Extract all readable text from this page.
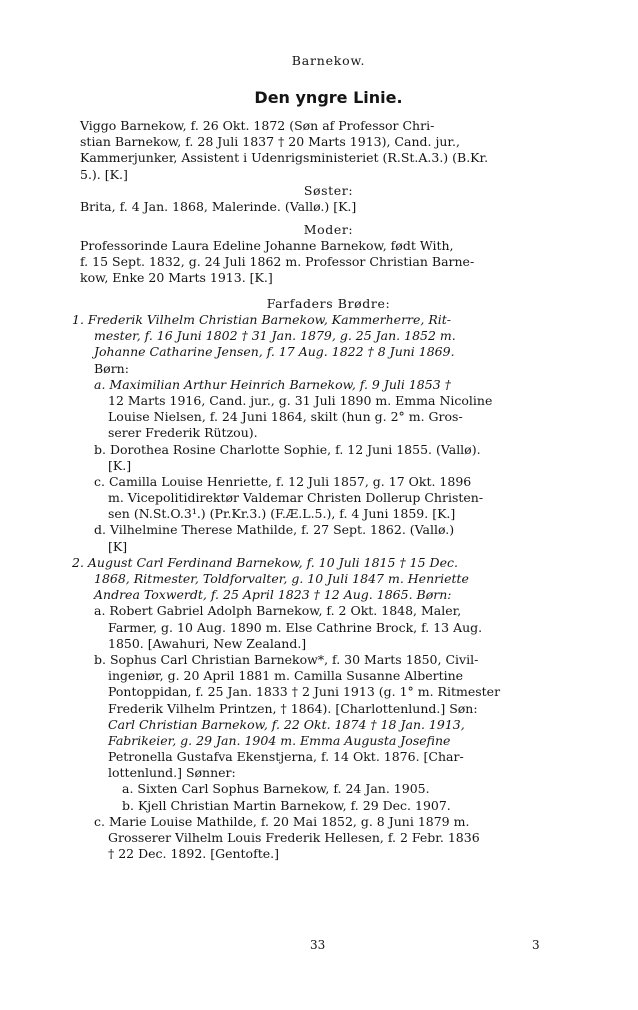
Barnekow.
Den yngre Linie.
Viggo Barnekow, f. 26 Okt. 1872 (Søn af Professor Chri-
stian Barnekow, f. 28 Juli 1837 † 20 Marts 1913), Cand. jur.,
Kammerjunker, Assistent i Udenrigsministeriet (R.St.A.3.) (B.Kr.
5.). [K.]
Søster:
Brita, f. 4 Jan. 1868, Malerinde. (Vallø.) [K.]
Moder:
Professorinde Laura Edeline Johanne Barnekow, født With,
f. 15 Sept. 1832, g. 24 Juli 1862 m. Professor Christian Barne-
kow, Enke 20 Marts 1913. [K.]
Farfaders Brødre:
1. Frederik Vilhelm Christian Barnekow, Kammerherre, Rit-
mester, f. 16 Juni 1802 † 31 Jan. 1879, g. 25 Jan. 1852 m.
Johanne Catharine Jensen, f. 17 Aug. 1822 † 8 Juni 1869.
Børn:
a. Maximilian Arthur Heinrich Barnekow, f. 9 Juli 1853 †
12 Marts 1916, Cand. jur., g. 31 Juli 1890 m. Emma Nicoline
Louise Nielsen, f. 24 Juni 1864, skilt (hun g. 2° m. Gros-
serer Frederik Rützou).
b. Dorothea Rosine Charlotte Sophie, f. 12 Juni 1855. (Vallø).
[K.]
c. Camilla Louise Henriette, f. 12 Juli 1857, g. 17 Okt. 1896
m. Vicepolitidirektør Valdemar Christen Dollerup Christen-
sen (N.St.O.3¹.) (Pr.Kr.3.) (F.Æ.L.5.), f. 4 Juni 1859. [K.]
d. Vilhelmine Therese Mathilde, f. 27 Sept. 1862. (Vallø.)
[K]
2. August Carl Ferdinand Barnekow, f. 10 Juli 1815 † 15 Dec.
1868, Ritmester, Toldforvalter, g. 10 Juli 1847 m. Henriette
Andrea Toxwerdt, f. 25 April 1823 † 12 Aug. 1865. Børn:
a. Robert Gabriel Adolph Barnekow, f. 2 Okt. 1848, Maler,
Farmer, g. 10 Aug. 1890 m. Else Cathrine Brock, f. 13 Aug.
1850. [Awahuri, New Zealand.]
b. Sophus Carl Christian Barnekow*, f. 30 Marts 1850, Civil-
ingeniør, g. 20 April 1881 m. Camilla Susanne Albertine
Pontoppidan, f. 25 Jan. 1833 † 2 Juni 1913 (g. 1° m. Ritmester
Frederik Vilhelm Printzen, † 1864). [Charlottenlund.] Søn:
Carl Christian Barnekow, f. 22 Okt. 1874 † 18 Jan. 1913,
Fabrikeier, g. 29 Jan. 1904 m. Emma Augusta Josefine
Petronella Gustafva Ekenstjerna, f. 14 Okt. 1876. [Char-
lottenlund.] Sønner:
a. Sixten Carl Sophus Barnekow, f. 24 Jan. 1905.
b. Kjell Christian Martin Barnekow, f. 29 Dec. 1907.
c. Marie Louise Mathilde, f. 20 Mai 1852, g. 8 Juni 1879 m.
Grosserer Vilhelm Louis Frederik Hellesen, f. 2 Febr. 1836
† 22 Dec. 1892. [Gentofte.]
33	3
